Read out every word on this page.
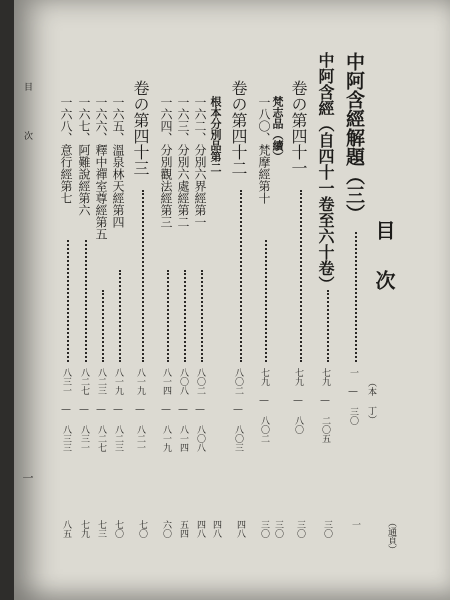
目次
（本 丁）
（通頁）
中阿含經解題（三）
一 ― 三〇
一
中阿含經（自四十一卷至六十卷）
七九 ― 二〇五
三〇
卷の第四十一
七九 ― 八〇
三〇
梵志品（續）
三〇
一八〇、梵摩經第十
七九 ― 八〇二
三〇
卷の第四十二
八〇二 ― 八〇三
四八
根本分別品第二
四八
一六二、分別六界經第一
八〇二 ― 八〇八
四八
一六三、分別六處經第二
八〇八 ― 八一四
五四
一六四、分別觀法經第三
八一四 ― 八一九
六〇
卷の第四十三
八一九 ― 八二一
七〇
一六五、溫泉林天經第四
八一九 ― 八二三
七〇
一六六、釋中禪室尊經第五
八二三 ― 八二七
七三
一六七、阿難說經第六
八二七 ― 八三一
七九
一六八、意行經第七
八三一 ― 八三三
八五
目次
一
